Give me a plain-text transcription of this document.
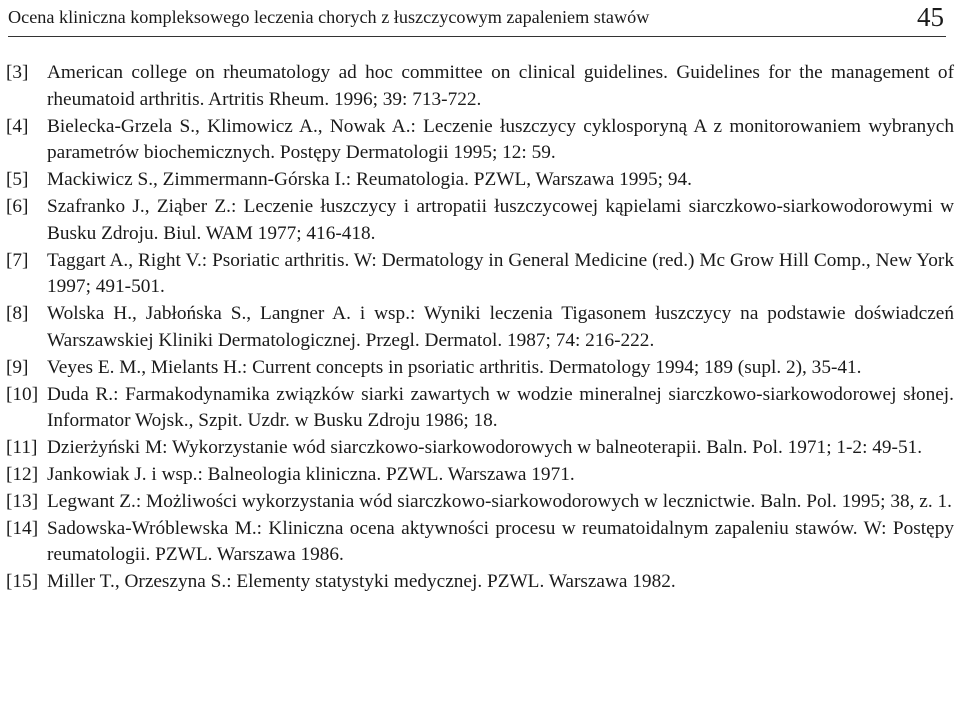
Ocena kliniczna kompleksowego leczenia chorych z łuszczycowym zapaleniem stawów	45
[3] American college on rheumatology ad hoc committee on clinical guidelines. Guidelines for the management of rheumatoid arthritis. Artritis Rheum. 1996; 39: 713-722.
[4] Bielecka-Grzela S., Klimowicz A., Nowak A.: Leczenie łuszczycy cyklosporyną A z monitorowaniem wybranych parametrów biochemicznych. Postępy Dermatologii 1995; 12: 59.
[5] Mackiwicz S., Zimmermann-Górska I.: Reumatologia. PZWL, Warszawa 1995; 94.
[6] Szafranko J., Ziąber Z.: Leczenie łuszczycy i artropatii łuszczycowej kąpielami siarczkowo-siarkowodorowymi w Busku Zdroju. Biul. WAM 1977; 416-418.
[7] Taggart A., Right V.: Psoriatic arthritis. W: Dermatology in General Medicine (red.) Mc Grow Hill Comp., New York 1997; 491-501.
[8] Wolska H., Jabłońska S., Langner A. i wsp.: Wyniki leczenia Tigasonem łuszczycy na podstawie doświadczeń Warszawskiej Kliniki Dermatologicznej. Przegl. Dermatol. 1987; 74: 216-222.
[9] Veyes E. M., Mielants H.: Current concepts in psoriatic arthritis. Dermatology 1994; 189 (supl. 2), 35-41.
[10] Duda R.: Farmakodynamika związków siarki zawartych w wodzie mineralnej siarczkowo-siarkowodorowej słonej. Informator Wojsk., Szpit. Uzdr. w Busku Zdroju 1986; 18.
[11] Dzierżyński M: Wykorzystanie wód siarczkowo-siarkowodorowych w balneoterapii. Baln. Pol. 1971; 1-2: 49-51.
[12] Jankowiak J. i wsp.: Balneologia kliniczna. PZWL. Warszawa 1971.
[13] Legwant Z.: Możliwości wykorzystania wód siarczkowo-siarkowodorowych w lecznictwie. Baln. Pol. 1995; 38, z. 1.
[14] Sadowska-Wróblewska M.: Kliniczna ocena aktywności procesu w reumatoidalnym zapaleniu stawów. W: Postępy reumatologii. PZWL. Warszawa 1986.
[15] Miller T., Orzeszyna S.: Elementy statystyki medycznej. PZWL. Warszawa 1982.
